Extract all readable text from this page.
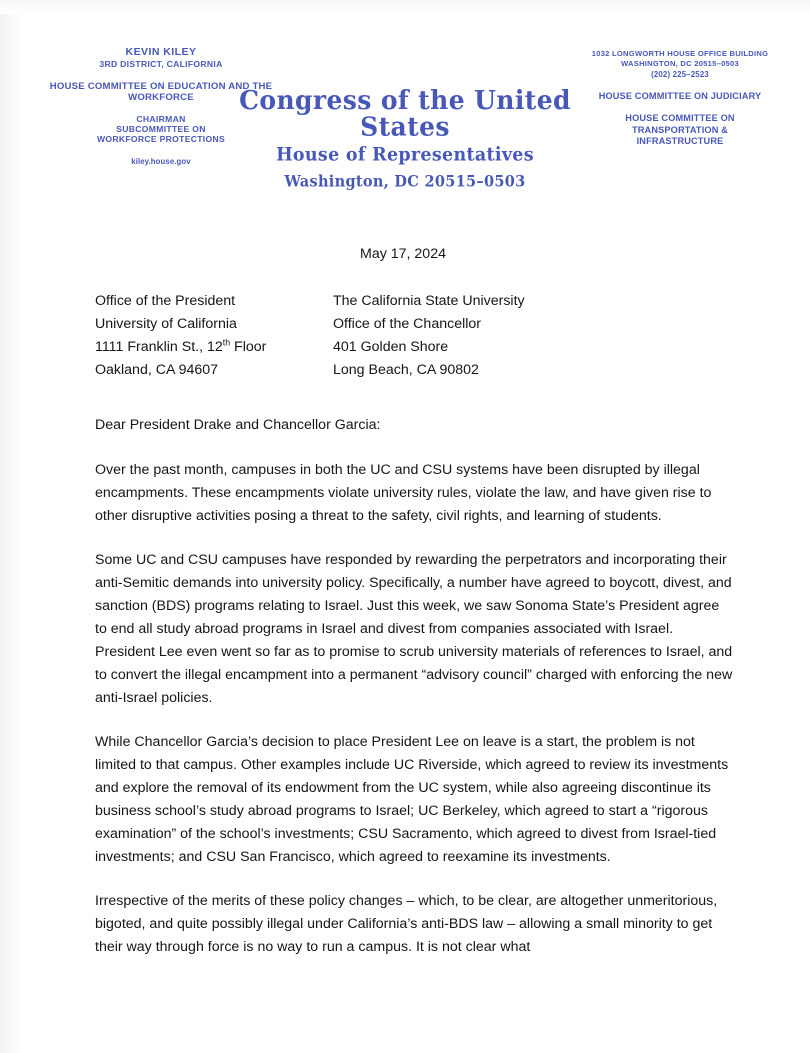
KEVIN KILEY
3RD DISTRICT, CALIFORNIA
HOUSE COMMITTEE ON EDUCATION AND THE WORKFORCE
CHAIRMAN
SUBCOMMITTEE ON
WORKFORCE PROTECTIONS
kiley.house.gov
Congress of the United States
House of Representatives
Washington, DC 20515–0503
1032 LONGWORTH HOUSE OFFICE BUILDING
WASHINGTON, DC 20515–0503
(202) 225–2523
HOUSE COMMITTEE ON JUDICIARY
HOUSE COMMITTEE ON
TRANSPORTATION &
INFRASTRUCTURE
May 17, 2024
Office of the President
University of California
1111 Franklin St., 12th Floor
Oakland, CA 94607
The California State University
Office of the Chancellor
401 Golden Shore
Long Beach, CA 90802
Dear President Drake and Chancellor Garcia:
Over the past month, campuses in both the UC and CSU systems have been disrupted by illegal encampments. These encampments violate university rules, violate the law, and have given rise to other disruptive activities posing a threat to the safety, civil rights, and learning of students.
Some UC and CSU campuses have responded by rewarding the perpetrators and incorporating their anti-Semitic demands into university policy. Specifically, a number have agreed to boycott, divest, and sanction (BDS) programs relating to Israel. Just this week, we saw Sonoma State’s President agree to end all study abroad programs in Israel and divest from companies associated with Israel. President Lee even went so far as to promise to scrub university materials of references to Israel, and to convert the illegal encampment into a permanent “advisory council” charged with enforcing the new anti-Israel policies.
While Chancellor Garcia’s decision to place President Lee on leave is a start, the problem is not limited to that campus. Other examples include UC Riverside, which agreed to review its investments and explore the removal of its endowment from the UC system, while also agreeing discontinue its business school’s study abroad programs to Israel; UC Berkeley, which agreed to start a “rigorous examination” of the school’s investments; CSU Sacramento, which agreed to divest from Israel-tied investments; and CSU San Francisco, which agreed to reexamine its investments.
Irrespective of the merits of these policy changes – which, to be clear, are altogether unmeritorious, bigoted, and quite possibly illegal under California’s anti-BDS law – allowing a small minority to get their way through force is no way to run a campus. It is not clear what
